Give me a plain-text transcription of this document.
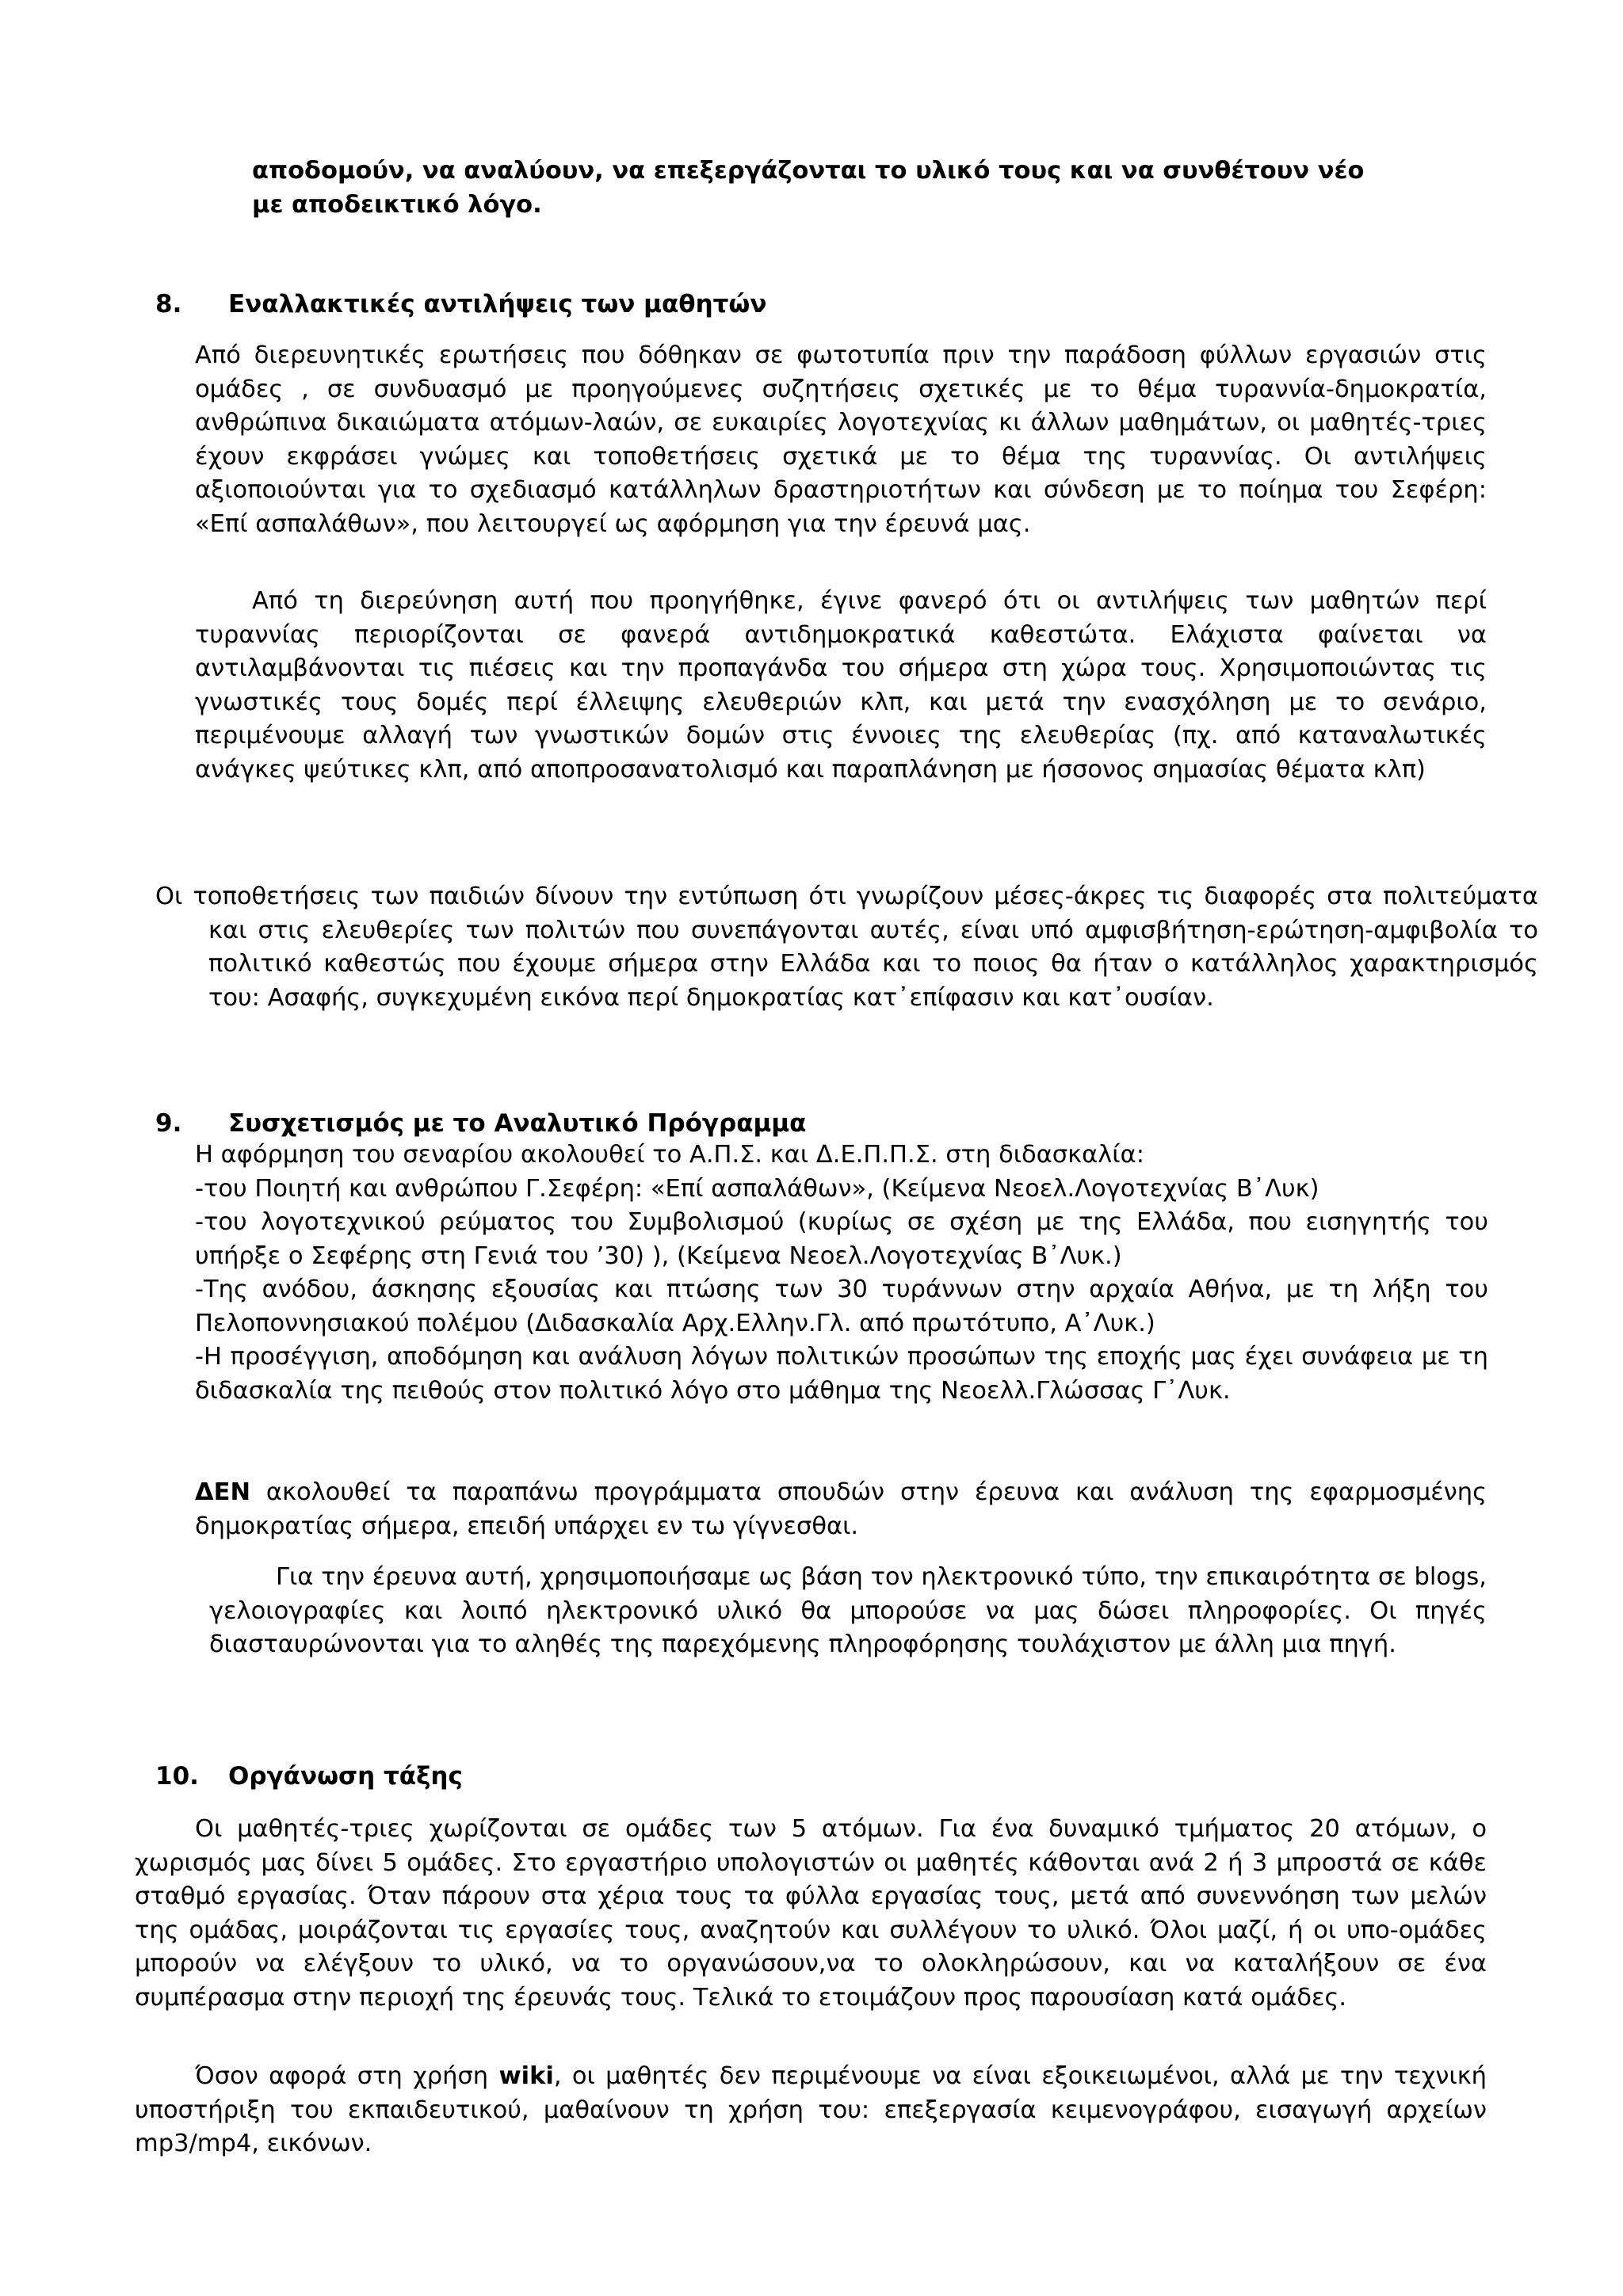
αποδομούν, να αναλύουν, να επεξεργάζονται το υλικό τους και να συνθέτουν νέο
με αποδεικτικό λόγο.
8. Εναλλακτικές αντιλήψεις των μαθητών

Από διερευνητικές ερωτήσεις που δόθηκαν σε φωτοτυπία πριν την παράδοση φύλλων εργασιών στις ομάδες , σε συνδυασμό με προηγούμενες συζητήσεις σχετικές με το θέμα τυραννία-δημοκρατία, ανθρώπινα δικαιώματα ατόμων-λαών, σε ευκαιρίες λογοτεχνίας κι άλλων μαθημάτων, οι μαθητές-τριες έχουν εκφράσει γνώμες και τοποθετήσεις σχετικά με το θέμα της τυραννίας. Οι αντιλήψεις αξιοποιούνται για το σχεδιασμό κατάλληλων δραστηριοτήτων και σύνδεση με το ποίημα του Σεφέρη: «Επί ασπαλάθων», που λειτουργεί ως αφόρμηση για την έρευνά μας.

Από τη διερεύνηση αυτή που προηγήθηκε, έγινε φανερό ότι οι αντιλήψεις των μαθητών περί τυραννίας περιορίζονται σε φανερά αντιδημοκρατικά καθεστώτα. Ελάχιστα φαίνεται να αντιλαμβάνονται τις πιέσεις και την προπαγάνδα του σήμερα στη χώρα τους. Χρησιμοποιώντας τις γνωστικές τους δομές περί έλλειψης ελευθεριών κλπ, και μετά την ενασχόληση με το σενάριο, περιμένουμε αλλαγή των γνωστικών δομών στις έννοιες της ελευθερίας (πχ. από καταναλωτικές ανάγκες ψεύτικες κλπ, από αποπροσανατολισμό και παραπλάνηση με ήσσονος σημασίας θέματα κλπ)

Οι τοποθετήσεις των παιδιών δίνουν την εντύπωση ότι γνωρίζουν μέσες-άκρες τις διαφορές στα πολιτεύματα και στις ελευθερίες των πολιτών που συνεπάγονται αυτές, είναι υπό αμφισβήτηση-ερώτηση-αμφιβολία το πολιτικό καθεστώς που έχουμε σήμερα στην Ελλάδα και το ποιος θα ήταν ο κατάλληλος χαρακτηρισμός του: Ασαφής, συγκεχυμένη εικόνα περί δημοκρατίας κατ᾽επίφασιν και κατ᾽ουσίαν.

9. Συσχετισμός με το Αναλυτικό Πρόγραμμα

Η αφόρμηση του σεναρίου ακολουθεί το Α.Π.Σ. και Δ.Ε.Π.Π.Σ. στη διδασκαλία:

-του Ποιητή και ανθρώπου Γ.Σεφέρη: «Επί ασπαλάθων», (Κείμενα Νεοελ.Λογοτεχνίας Β᾽Λυκ)

-του λογοτεχνικού ρεύματος του Συμβολισμού (κυρίως σε σχέση με της Ελλάδα, που εισηγητής του υπήρξε ο Σεφέρης στη Γενιά του ’30) ), (Κείμενα Νεοελ.Λογοτεχνίας Β᾽Λυκ.)

-Της ανόδου, άσκησης εξουσίας και πτώσης των 30 τυράννων στην αρχαία Αθήνα, με τη λήξη του Πελοποννησιακού πολέμου (Διδασκαλία Αρχ.Ελλην.Γλ. από πρωτότυπο, Α᾽Λυκ.)

-Η προσέγγιση, αποδόμηση και ανάλυση λόγων πολιτικών προσώπων της εποχής μας έχει συνάφεια με τη διδασκαλία της πειθούς στον πολιτικό λόγο στο μάθημα της Νεοελλ.Γλώσσας Γ᾽Λυκ.

ΔΕΝ ακολουθεί τα παραπάνω προγράμματα σπουδών στην έρευνα και ανάλυση της εφαρμοσμένης δημοκρατίας σήμερα, επειδή υπάρχει εν τω γίγνεσθαι.

Για την έρευνα αυτή, χρησιμοποιήσαμε ως βάση τον ηλεκτρονικό τύπο, την επικαιρότητα σε blogs, γελοιογραφίες και λοιπό ηλεκτρονικό υλικό θα μπορούσε να μας δώσει πληροφορίες. Οι πηγές διασταυρώνονται για το αληθές της παρεχόμενης πληροφόρησης τουλάχιστον με άλλη μια πηγή.

10. Οργάνωση τάξης

Οι μαθητές-τριες χωρίζονται σε ομάδες των 5 ατόμων. Για ένα δυναμικό τμήματος 20 ατόμων, ο χωρισμός μας δίνει 5 ομάδες. Στο εργαστήριο υπολογιστών οι μαθητές κάθονται ανά 2 ή 3 μπροστά σε κάθε σταθμό εργασίας. Όταν πάρουν στα χέρια τους τα φύλλα εργασίας τους, μετά από συνεννόηση των μελών της ομάδας, μοιράζονται τις εργασίες τους, αναζητούν και συλλέγουν το υλικό. Όλοι μαζί, ή οι υπο-ομάδες μπορούν να ελέγξουν το υλικό, να το οργανώσουν,να το ολοκληρώσουν, και να καταλήξουν σε ένα συμπέρασμα στην περιοχή της έρευνάς τους. Τελικά το ετοιμάζουν προς παρουσίαση κατά ομάδες.

Όσον αφορά στη χρήση wiki, οι μαθητές δεν περιμένουμε να είναι εξοικειωμένοι, αλλά με την τεχνική υποστήριξη του εκπαιδευτικού, μαθαίνουν τη χρήση του: επεξεργασία κειμενογράφου, εισαγωγή αρχείων mp3/mp4, εικόνων.
